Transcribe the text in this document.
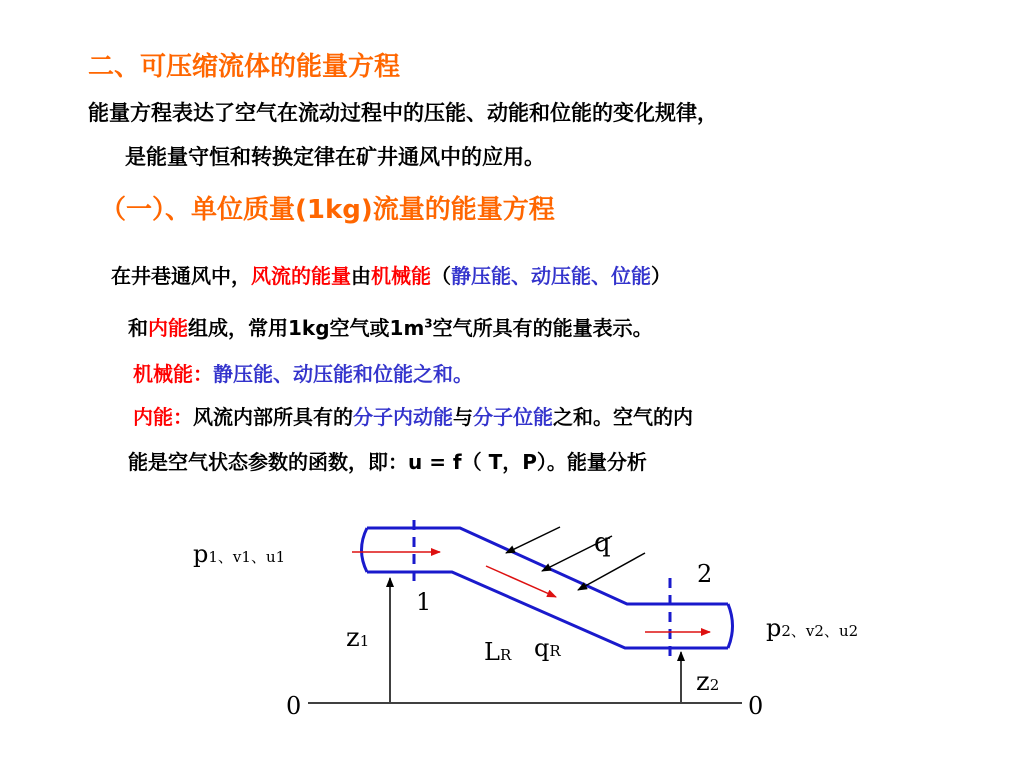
二、可压缩流体的能量方程
能量方程表达了空气在流动过程中的压能、动能和位能的变化规律，
是能量守恒和转换定律在矿井通风中的应用。
（一）、单位质量(1kg)流量的能量方程
在井巷通风中，风流的能量由机械能（静压能、动压能、位能）
和内能组成，常用1kg空气或$1m^3$空气所具有的能量表示。
机械能：静压能、动压能和位能之和。
内能：风流内部所具有的分子内动能与分子位能之和。空气的内
能是空气状态参数的函数，即：u = f（ T，P）。能量分析
p1、v1、u1
p2、v2、u2
1
2
q
z1
z2
LR qR
0	0
